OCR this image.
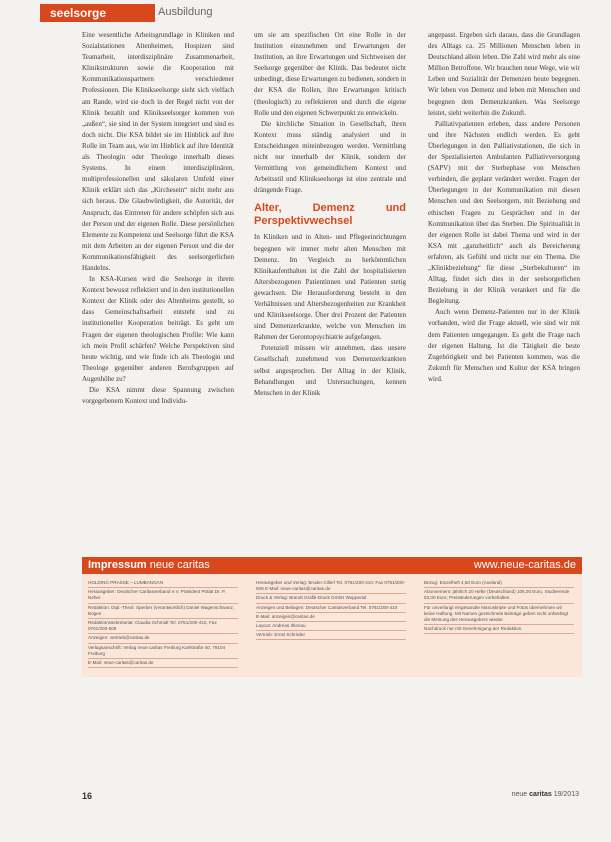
seelsorge	Ausbildung

Eine wesentliche Arbeitsgrundlage in Kliniken und Sozialstationen Altenheimen, Hospizen sind Teamarbeit, interdisziplinäre Zusammenarbeit, Klinikstrukturen sowie die Kooperation mit Kommunikationspartnern verschiedener Professionen. Die Klinikseelsorge sieht sich vielfach am Rande, wird sie doch in der Regel nicht von der Klinik bezahlt und Klinikseelsorger kommen von „außen“, sie sind in der System integriert und sind es doch nicht. Die KSA bildet sie im Hinblick auf ihre Rolle im Team aus, wie im Hinblick auf ihre Identität als Theologin oder Theologe innerhalb dieses Systems. In einem interdisziplinären, multiprofessionellen und säkularen Umfeld einer Klinik erklärt sich das „Kirchesein“ nicht mehr aus sich heraus. Die Glaubwürdigkeit, die Autorität, der Anspruch, das Eintreten für andere schöpfen sich aus der Person und der eigenen Rolle. Diese persönlichen Elemente zu Kompetenz und Seelsorge führt die KSA mit dem Arbeiten an der eigenen Person und die der Kommunikationsfähigkeit des seelsorgerlichen Handelns.

In KSA-Kursen wird die Seelsorge in ihrem Kontext bewusst reflektiert und in den institutionellen Kontext der Klinik oder des Altenheims gestellt, so dass Gemeinschaftsarbeit entsteht und zu institutioneller Kooperation beiträgt. Es geht um Fragen der eigenen theologischen Profile: Wie kann ich mein Profil schärfen? Welche Perspektiven sind heute wichtig, und wie finde ich als Theologin und Theologe gegenüber anderen Berufsgruppen auf Augenhöhe zu?

Die KSA nimmt diese Spannung zwischen vorgegebenem Kontext und Individu-

um sie am spezifischen Ort eine Rolle in der Institution einzunehmen und Erwartungen der Institution, an ihre Erwartungen und Sichtweisen der Seelsorge gegenüber der Klinik. Das bedeutet nicht unbedingt, diese Erwartungen zu bedienen, sondern in der KSA die Rollen, ihre Erwartungen kritisch (theologisch) zu reflektieren und durch die eigene Rolle und den eigenen Schwerpunkt zu entwickeln.

Die kirchliche Situation in Gesellschaft, ihren Kontext muss ständig analysiert und in Entscheidungen miteinbezogen werden. Vermittlung nicht nur innerhalb der Klinik, sondern der Vermittlung von gemeindlichem Kontext und Arbeitsstil und Klinikseelsorge ist eine zentrale und drängende Frage.

Alter, Demenz und Perspektivwechsel

In Kliniken und in Alten- und Pflegeeinrichtungen begegnen wir immer mehr alten Menschen mit Demenz. Im Vergleich zu herkömmlichen Klinikaufenthalten ist die Zahl der hospitalisierten Altersbezogenen Patientinnen und Patienten stetig gewachsen. Die Herausforderung besteht in den Verhältnissen und Altersbezogenheiten zur Krankheit und Klinikseelsorge. Über drei Prozent der Patienten sind Demenzerkrankte, welche von Menschen im Rahmen der Gerontopsychiatrie aufgefangen.

Potenziell müssen wir annehmen, dass unsere Gesellschaft zunehmend von Demenzerkrankten selbst angesprochen. Der Alltag in der Klinik, Behandlungen und Untersuchungen, kennen Menschen in der Klinik

angepasst. Ergeben sich daraus, dass die Grundlagen des Alltags ca. 25 Millionen Menschen leben in Deutschland allein leben. Die Zahl wird mehr als eine Million Betroffene. Wir brauchen neue Wege, wie wir Leben und Sozialität der Demenzen heute begegnen. Wir leben von Demenz und leben mit Menschen und begegnen dem Demenzkranken. Was Seelsorge leistet, sieht weiterhin die Zukunft.

Palliativpatienten erleben, dass andere Personen und ihre Nächsten endlich werden. Es geht Überlegungen in den Palliativstationen, die sich in der Spezialisierten Ambulanten Palliativversorgung (SAPV) mit der Sterbephase von Menschen verbinden, die geplant verändert werden. Fragen der Überlegungen in der Kommunikation mit diesen Menschen und den Seelsorgern, mit Beziehung und ethischen Fragen zu Gesprächen und in der Kommunikation über das Sterben. Die Spiritualität in der eigenen Rolle ist dabei Thema und wird in der KSA mit „ganzheitlich“ auch als Bereicherung erfahren, als Gefühl und nicht nur ein Thema. Die „Klinikbeziehung“ für diese „Sterbekulturen“ im Alltag, findet sich dies in der seelsorgerlichen Beziehung in der Klinik verankert und für die Begleitung.

Auch wenn Demenz-Patienten nur in der Klinik vorhanden, wird die Frage aktuell, wie sind wir mit dem Patienten umgegangen. Es geht die Frage nach der eigenen Haltung. Ist die Tätigkeit die beste Zugehörigkeit und bei Patienten kommen, was die Zukunft für Menschen und Kultur der KSA bringen wird.

Impressum neue caritas	www.neue-caritas.de
HOLDING PRASSE – LUMBANGAN
Herausgeber: Deutscher Caritasverband e.V. Präsident Prälat Dr. P. Neher
Redaktion: Dipl.-Theol. Sperber (verantwortlich) Daniel Wagenschwanz, Bogen
Redaktionssekretariat: Claudia Schmidt Tel. 0761/200-410, Fax 0761/200-509
Anzeigen: vertrieb@caritas.de
Verlagsanschrift: Verlag neue caritas Freiburg Karlstraße 40, 79104 Freiburg
E-Mail: neue-caritas@caritas.de
Herausgeber und Verlag: Bruder Cillerl Tel. 0761/200-410; Fax 0761/200-509 E-Mail: neue-caritas@caritas.de
Druck & Verlag: Brandt Grafik-Druck GmbH Wuppertal
Anzeigen und Beilagen: Deutscher Caritasverband Tel. 0761/200-410
E-Mail: anzeigen@caritas.de
Layout: Andreas Ihlenau
Vertrieb: Ernst Schröder
Bezug: Einzelheft 4,50 Euro (Ausland)
Abonnement: jährlich 20 Hefte (Deutschland) 106,00 Euro, Studierende 53,00 Euro; Preisänderungen vorbehalten.
Für unverlangt eingesandte Manuskripte und Fotos übernehmen wir keine Haftung. Mit Namen gezeichnete Beiträge geben nicht unbedingt die Meinung des Herausgebers wieder.
Nachdruck nur mit Genehmigung der Redaktion.
16	neue caritas 19/2013
